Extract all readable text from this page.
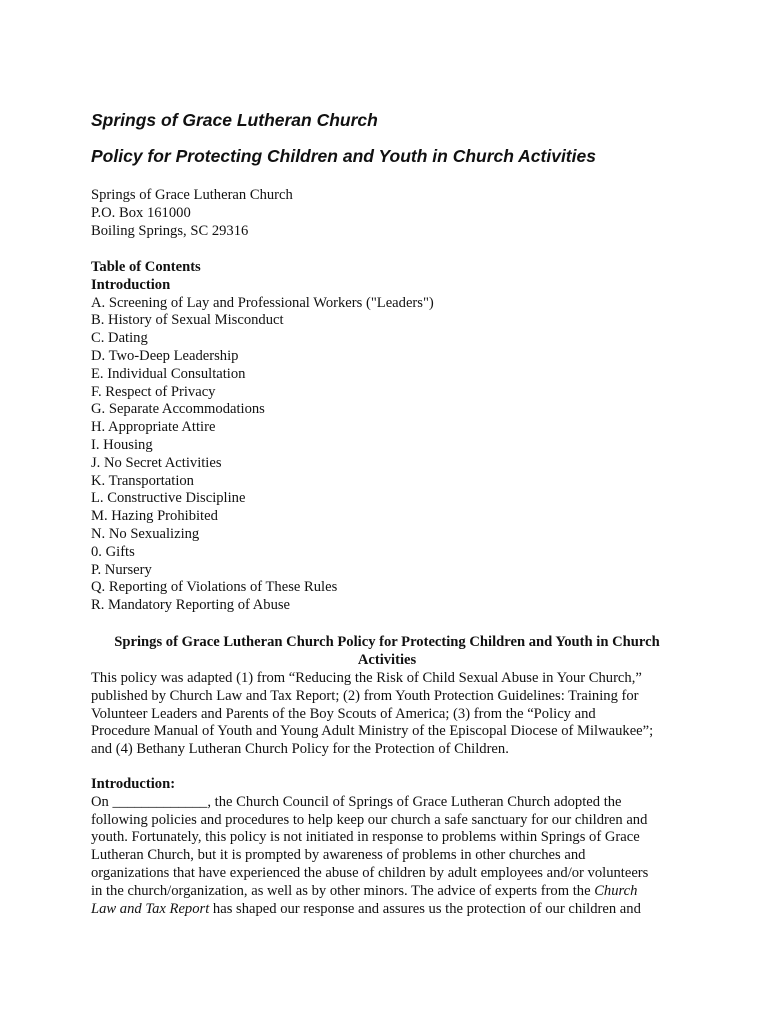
Springs of Grace Lutheran Church
Policy for Protecting Children and Youth in Church Activities
Springs of Grace Lutheran Church
P.O. Box 161000
Boiling Springs, SC 29316
Table of Contents
Introduction
A. Screening of Lay and Professional Workers ("Leaders")
B. History of Sexual Misconduct
C. Dating
D. Two-Deep Leadership
E. Individual Consultation
F. Respect of Privacy
G. Separate Accommodations
H. Appropriate Attire
I. Housing
J. No Secret Activities
K. Transportation
L. Constructive Discipline
M. Hazing Prohibited
N. No Sexualizing
0. Gifts
P. Nursery
Q. Reporting of Violations of These Rules
R. Mandatory Reporting of Abuse
Springs of Grace Lutheran Church Policy for Protecting Children and Youth in Church
Activities
This policy was adapted (1) from “Reducing the Risk of Child Sexual Abuse in Your Church,”
published by Church Law and Tax Report; (2) from Youth Protection Guidelines: Training for
Volunteer Leaders and Parents of the Boy Scouts of America; (3) from the “Policy and
Procedure Manual of Youth and Young Adult Ministry of the Episcopal Diocese of Milwaukee”;
and (4) Bethany Lutheran Church Policy for the Protection of Children.
Introduction:
On _____________, the Church Council of Springs of Grace Lutheran Church adopted the
following policies and procedures to help keep our church a safe sanctuary for our children and
youth. Fortunately, this policy is not initiated in response to problems within Springs of Grace
Lutheran Church, but it is prompted by awareness of problems in other churches and
organizations that have experienced the abuse of children by adult employees and/or volunteers
in the church/organization, as well as by other minors. The advice of experts from the Church
Law and Tax Report has shaped our response and assures us the protection of our children and
